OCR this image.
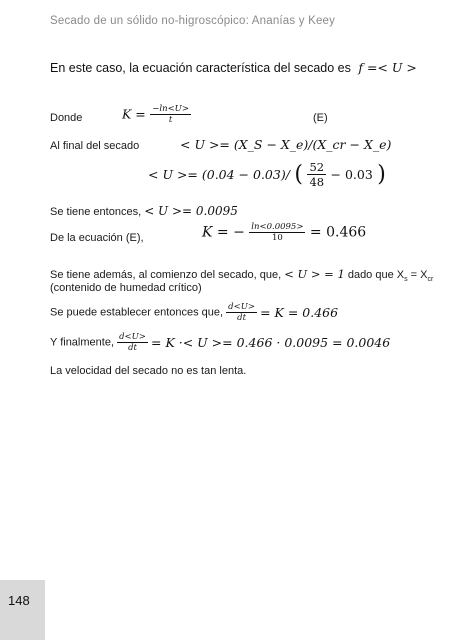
Secado de un sólido no-higroscópico: Ananías y Keey
En este caso, la ecuación característica del secado es f =< U >
Donde	$K = \frac{-\ln<U>}{t}$	(E)
Al final del secado	< U >= (X_S − X_e)/(X_cr − X_e)
< U >= (0.04 − 0.03)/ ( $\frac{52}{48} - 0.03$ )
Se tiene entonces, < U >= 0.0095
De la ecuación (E),	K = − $\frac{\ln<0.0095>}{10} = 0.466$
Se tiene además, al comienzo del secado, que, < U > = 1 dado que $X_s = X_{cr}$
(contenido de humedad crítico)
Se puede establecer entonces que, $\frac{d<U>}{dt} = K = 0.466$
Y finalmente, $\frac{d<U>}{dt} = K \cdot< U >= 0.466 \cdot 0.0095 = 0.0046$
La velocidad del secado no es tan lenta.
148
